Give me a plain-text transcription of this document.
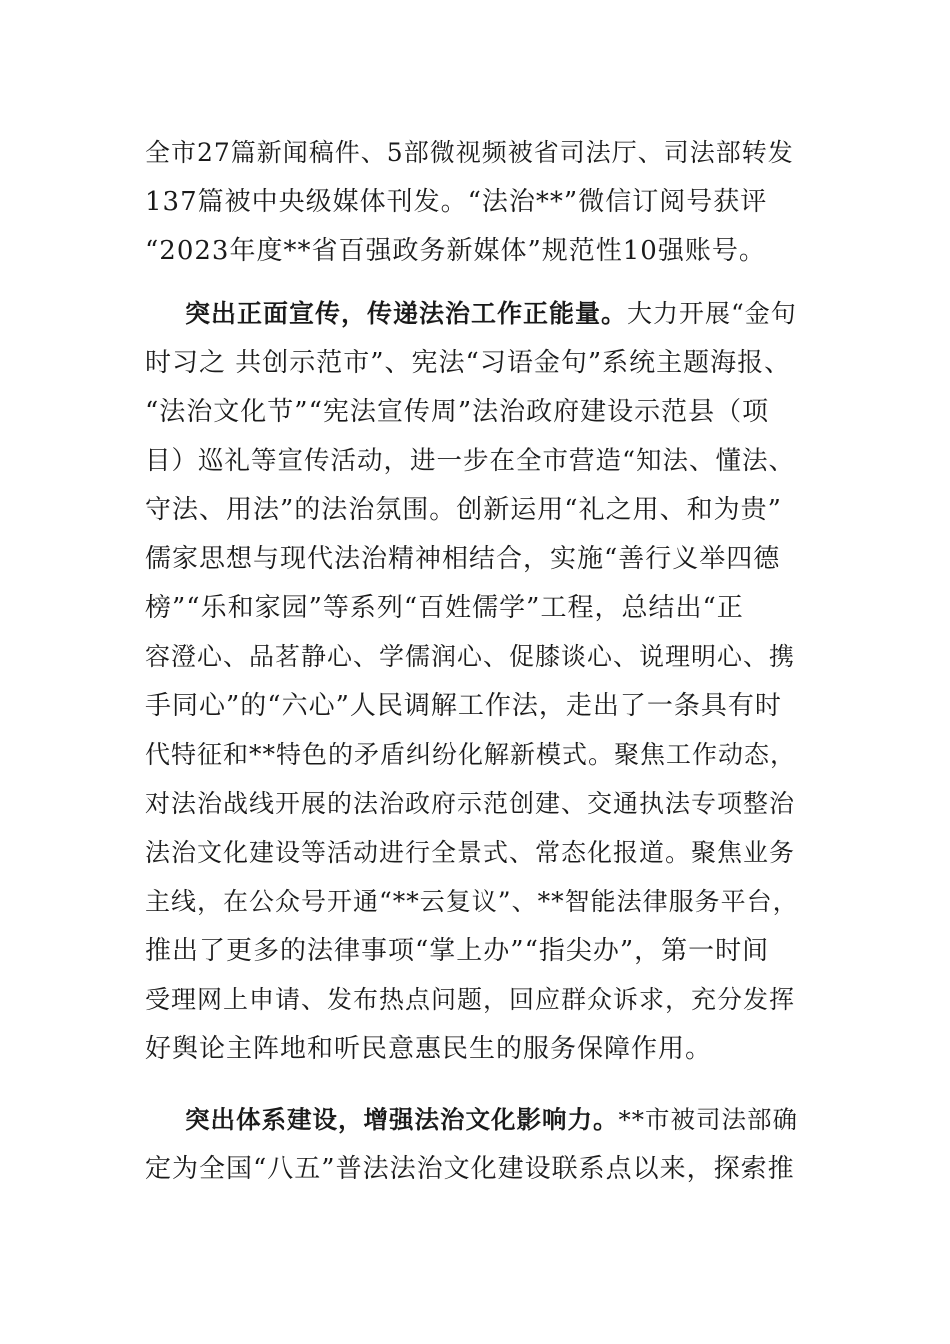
全市27篇新闻稿件、5部微视频被省司法厅、司法部转发
137篇被中央级媒体刊发。“法治**”微信订阅号获评
“2023年度**省百强政务新媒体”规范性10强账号。
突出正面宣传，传递法治工作正能量。大力开展“金句
时习之 共创示范市”、宪法“习语金句”系统主题海报、
“法治文化节”“宪法宣传周”法治政府建设示范县（项
目）巡礼等宣传活动，进一步在全市营造“知法、懂法、
守法、用法”的法治氛围。创新运用“礼之用、和为贵”
儒家思想与现代法治精神相结合，实施“善行义举四德
榜”“乐和家园”等系列“百姓儒学”工程，总结出“正
容澄心、品茗静心、学儒润心、促膝谈心、说理明心、携
手同心”的“六心”人民调解工作法，走出了一条具有时
代特征和**特色的矛盾纠纷化解新模式。聚焦工作动态，
对法治战线开展的法治政府示范创建、交通执法专项整治
法治文化建设等活动进行全景式、常态化报道。聚焦业务
主线，在公众号开通“**云复议”、**智能法律服务平台，
推出了更多的法律事项“掌上办”“指尖办”，第一时间
受理网上申请、发布热点问题，回应群众诉求，充分发挥
好舆论主阵地和听民意惠民生的服务保障作用。
突出体系建设，增强法治文化影响力。**市被司法部确
定为全国“八五”普法法治文化建设联系点以来，探索推
